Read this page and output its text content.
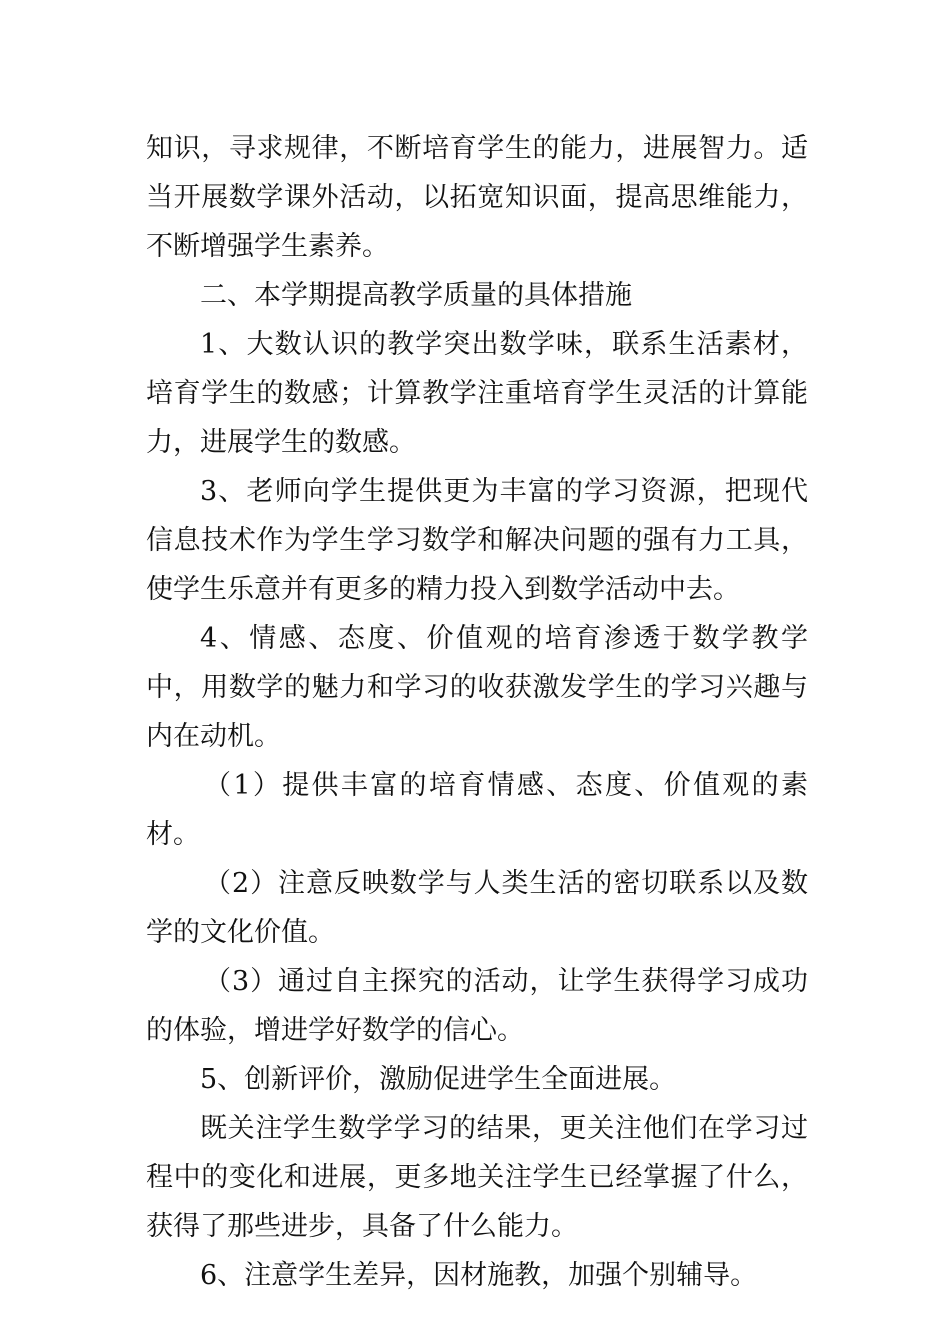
知识，寻求规律，不断培育学生的能力，进展智力。适当开展数学课外活动，以拓宽知识面，提高思维能力，不断增强学生素养。

二、本学期提高教学质量的具体措施

1、大数认识的教学突出数学味，联系生活素材，培育学生的数感；计算教学注重培育学生灵活的计算能力，进展学生的数感。

3、老师向学生提供更为丰富的学习资源，把现代信息技术作为学生学习数学和解决问题的强有力工具，使学生乐意并有更多的精力投入到数学活动中去。

4、情感、态度、价值观的培育渗透于数学教学中，用数学的魅力和学习的收获激发学生的学习兴趣与内在动机。

（1）提供丰富的培育情感、态度、价值观的素材。

（2）注意反映数学与人类生活的密切联系以及数学的文化价值。

（3）通过自主探究的活动，让学生获得学习成功的体验，增进学好数学的信心。

5、创新评价，激励促进学生全面进展。

既关注学生数学学习的结果，更关注他们在学习过程中的变化和进展，更多地关注学生已经掌握了什么，获得了那些进步，具备了什么能力。

6、注意学生差异，因材施教，加强个别辅导。
